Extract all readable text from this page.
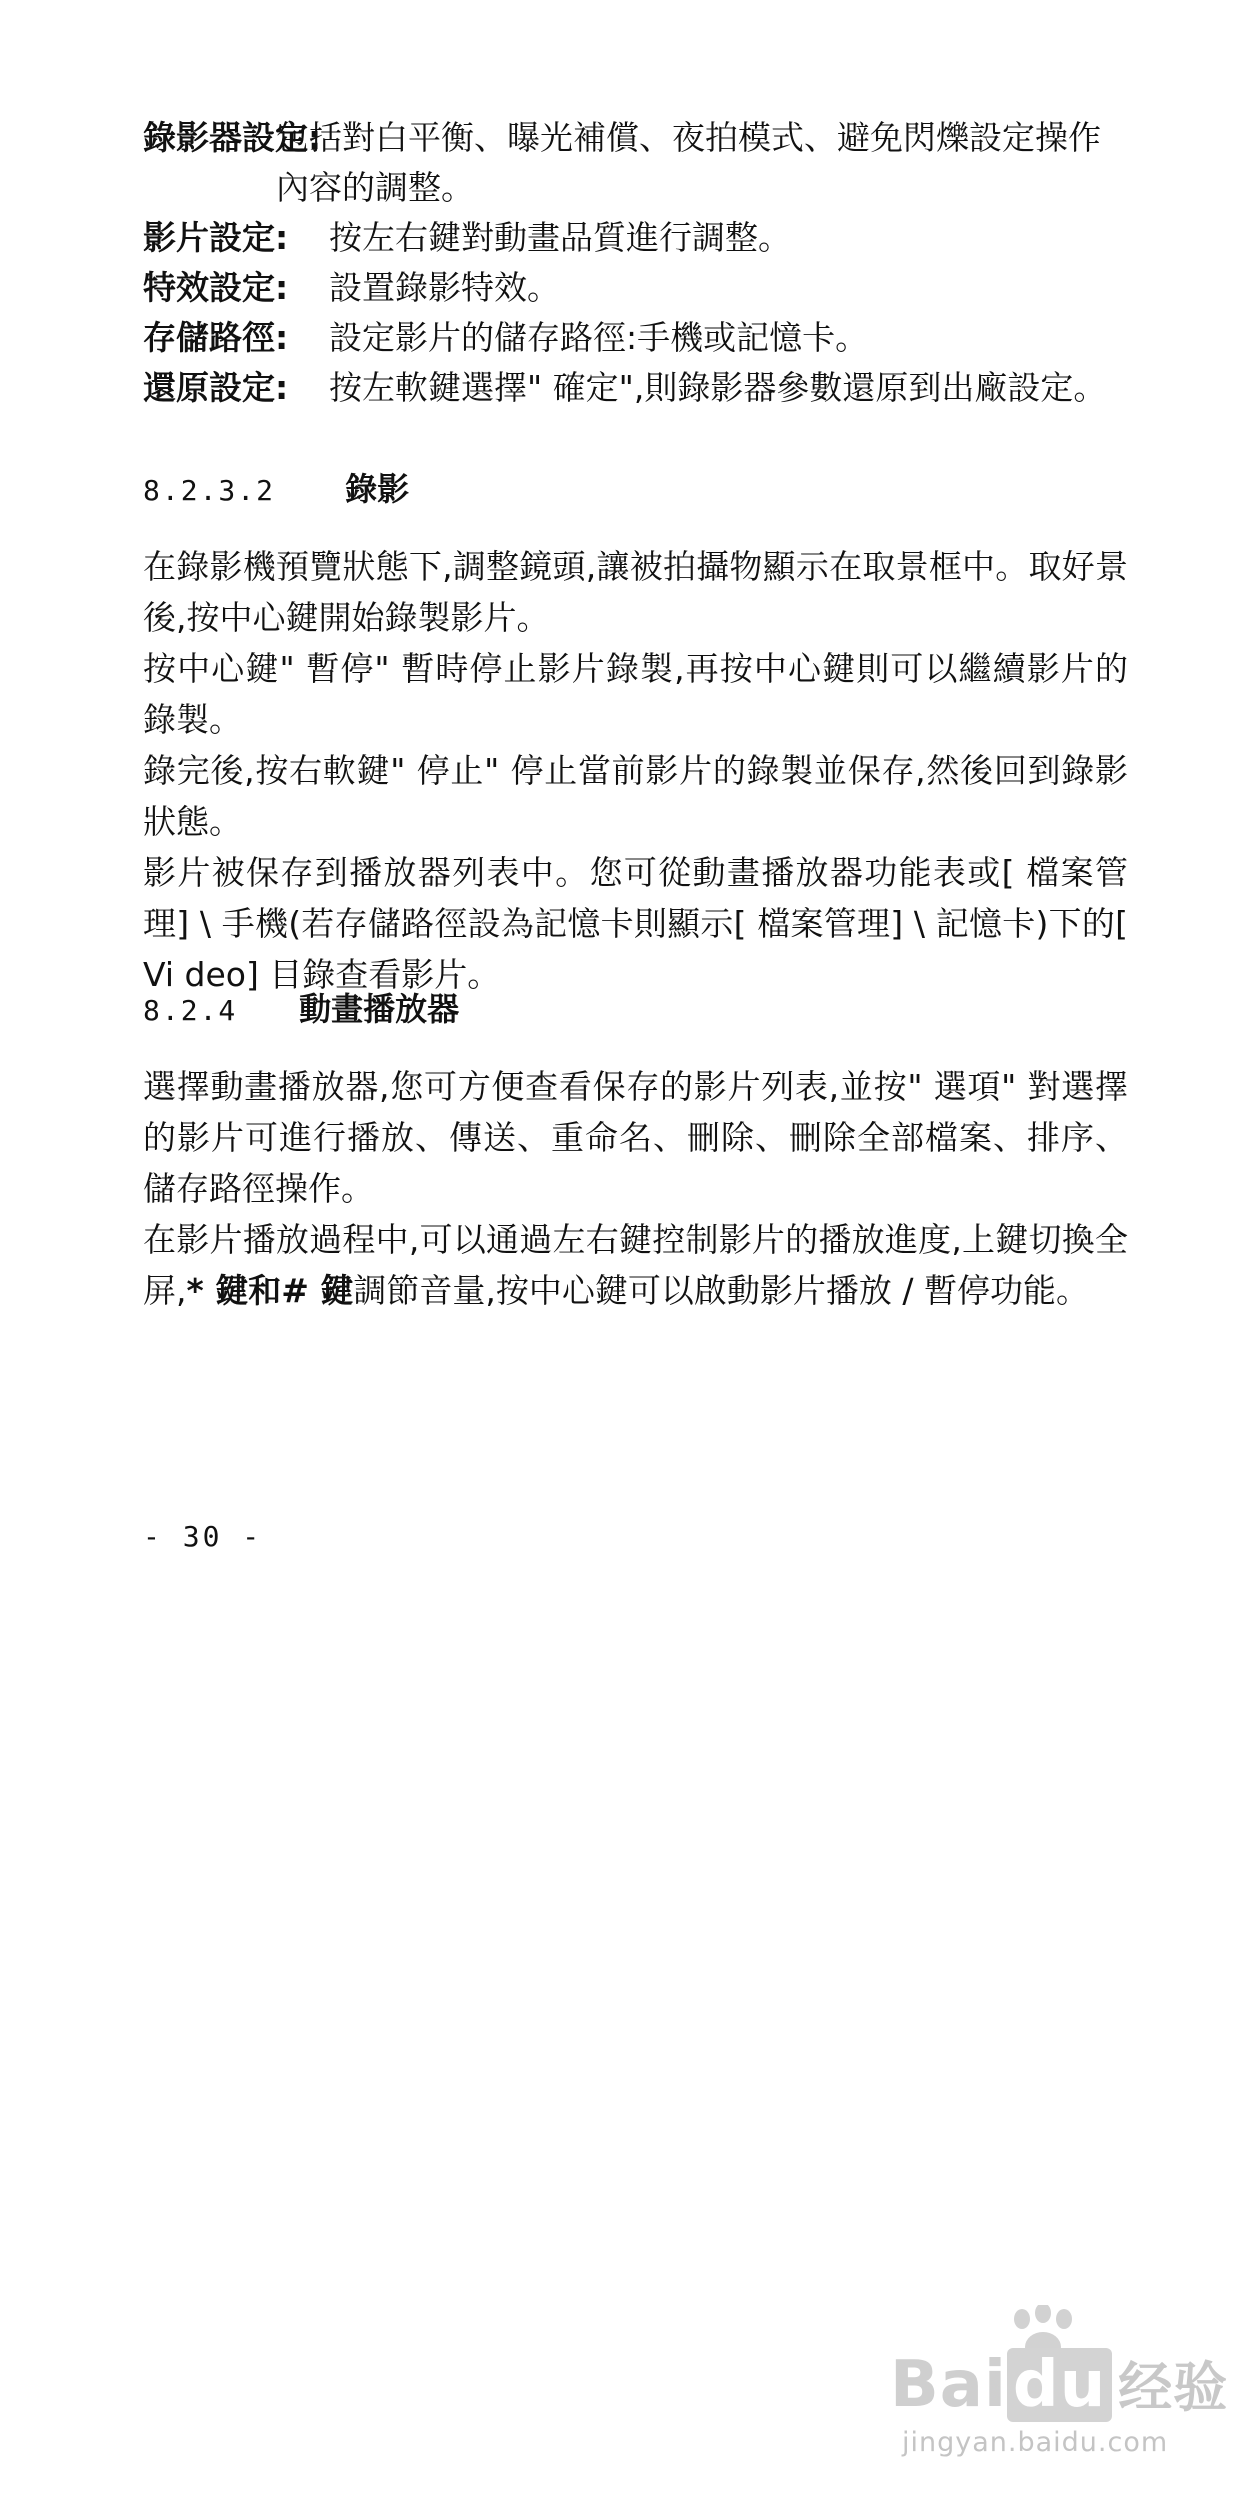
錄影器設定:
包括對白平衡、曝光補償、夜拍模式、避免閃爍設定操作內容的調整。
影片設定: 按左右鍵對動畫品質進行調整。
特效設定: 設置錄影特效。
存儲路徑: 設定影片的儲存路徑:手機或記憶卡。
還原設定: 按左軟鍵選擇" 確定",則錄影器參數還原到出廠設定。
8.2.3.2 錄影

在錄影機預覽狀態下,調整鏡頭,讓被拍攝物顯示在取景框中。取好景後,按中心鍵開始錄製影片。

按中心鍵" 暫停" 暫時停止影片錄製,再按中心鍵則可以繼續影片的錄製。

錄完後,按右軟鍵" 停止" 停止當前影片的錄製並保存,然後回到錄影狀態。

影片被保存到播放器列表中。您可從動畫播放器功能表或[ 檔案管理] \ 手機(若存儲路徑設為記憶卡則顯示[ 檔案管理] \ 記憶卡)下的[ Vi deo] 目錄查看影片。

8.2.4 動畫播放器

選擇動畫播放器,您可方便查看保存的影片列表,並按" 選項" 對選擇的影片可進行播放、傳送、重命名、刪除、刪除全部檔案、排序、儲存路徑操作。

在影片播放過程中,可以通過左右鍵控制影片的播放進度,上鍵切換全屏,* 鍵和# 鍵調節音量,按中心鍵可以啟動影片播放 / 暫停功能。

- 30 -
Baidu 经验
jingyan.baidu.com
